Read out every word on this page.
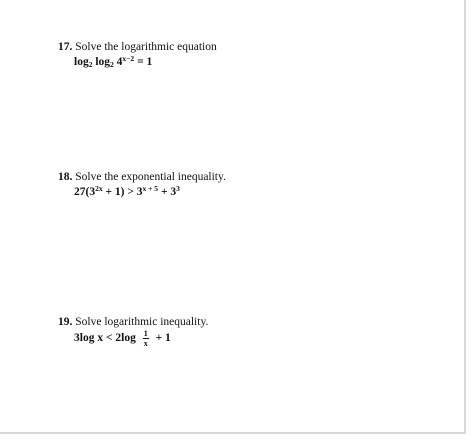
17. Solve the logarithmic equation
$\log_2 \log_2 4^{x-2} = 1$
18. Solve the exponential inequality.
$27(3^{2x} + 1) > 3^{x + 5} + 3^3$
19. Solve logarithmic inequality.
3log $x < 2\log \frac{1}{x} + 1$
